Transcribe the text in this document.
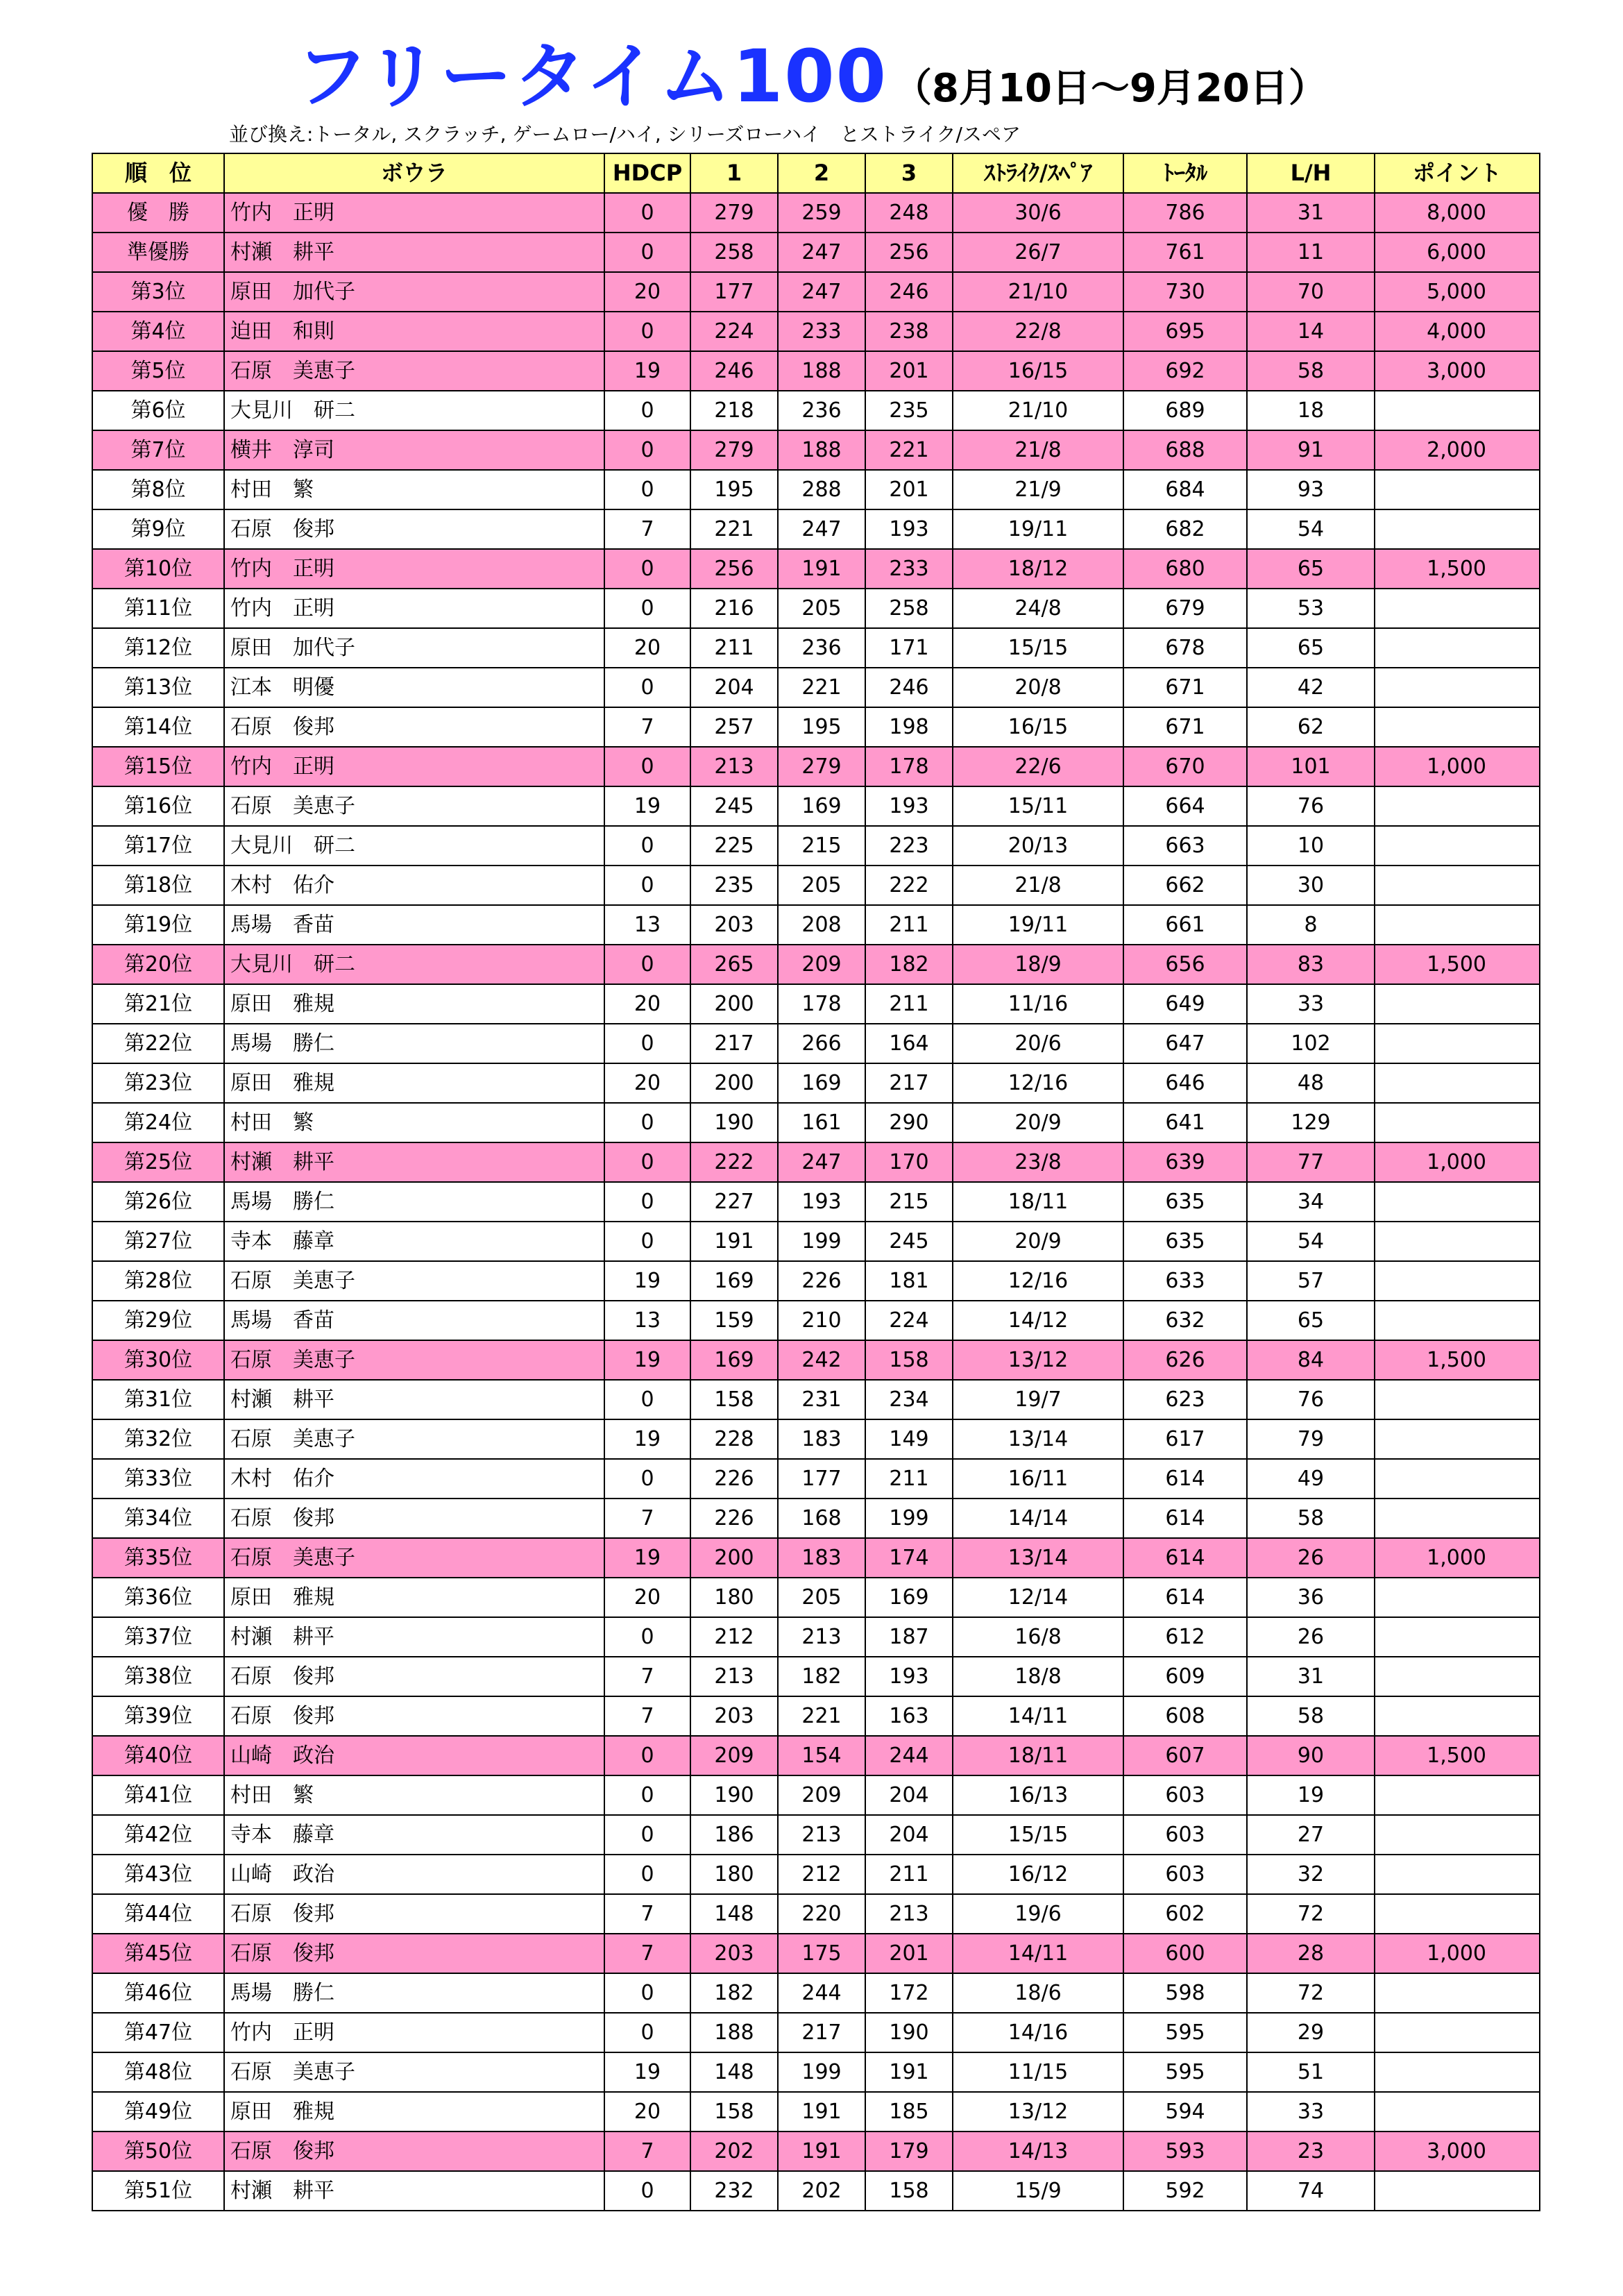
フリータイム100 （8月10日～9月20日）
並び換え:トータル, スクラッチ, ゲームロー/ハイ, シリーズローハイ　とストライク/スペア
順　位	ボウラ	HDCP	1	2	3	ｽﾄﾗｲｸ/ｽﾍﾟｱ	ﾄｰﾀﾙ	L/H	ポイント
優　勝	竹内　正明	0	279	259	248	30/6	786	31	8,000
準優勝	村瀬　耕平	0	258	247	256	26/7	761	11	6,000
第3位	原田　加代子	20	177	247	246	21/10	730	70	5,000
第4位	迫田　和則	0	224	233	238	22/8	695	14	4,000
第5位	石原　美恵子	19	246	188	201	16/15	692	58	3,000
第6位	大見川　研二	0	218	236	235	21/10	689	18	
第7位	横井　淳司	0	279	188	221	21/8	688	91	2,000
第8位	村田　繁	0	195	288	201	21/9	684	93	
第9位	石原　俊邦	7	221	247	193	19/11	682	54	
第10位	竹内　正明	0	256	191	233	18/12	680	65	1,500
第11位	竹内　正明	0	216	205	258	24/8	679	53	
第12位	原田　加代子	20	211	236	171	15/15	678	65	
第13位	江本　明優	0	204	221	246	20/8	671	42	
第14位	石原　俊邦	7	257	195	198	16/15	671	62	
第15位	竹内　正明	0	213	279	178	22/6	670	101	1,000
第16位	石原　美恵子	19	245	169	193	15/11	664	76	
第17位	大見川　研二	0	225	215	223	20/13	663	10	
第18位	木村　佑介	0	235	205	222	21/8	662	30	
第19位	馬場　香苗	13	203	208	211	19/11	661	8	
第20位	大見川　研二	0	265	209	182	18/9	656	83	1,500
第21位	原田　雅規	20	200	178	211	11/16	649	33	
第22位	馬場　勝仁	0	217	266	164	20/6	647	102	
第23位	原田　雅規	20	200	169	217	12/16	646	48	
第24位	村田　繁	0	190	161	290	20/9	641	129	
第25位	村瀬　耕平	0	222	247	170	23/8	639	77	1,000
第26位	馬場　勝仁	0	227	193	215	18/11	635	34	
第27位	寺本　藤章	0	191	199	245	20/9	635	54	
第28位	石原　美恵子	19	169	226	181	12/16	633	57	
第29位	馬場　香苗	13	159	210	224	14/12	632	65	
第30位	石原　美恵子	19	169	242	158	13/12	626	84	1,500
第31位	村瀬　耕平	0	158	231	234	19/7	623	76	
第32位	石原　美恵子	19	228	183	149	13/14	617	79	
第33位	木村　佑介	0	226	177	211	16/11	614	49	
第34位	石原　俊邦	7	226	168	199	14/14	614	58	
第35位	石原　美恵子	19	200	183	174	13/14	614	26	1,000
第36位	原田　雅規	20	180	205	169	12/14	614	36	
第37位	村瀬　耕平	0	212	213	187	16/8	612	26	
第38位	石原　俊邦	7	213	182	193	18/8	609	31	
第39位	石原　俊邦	7	203	221	163	14/11	608	58	
第40位	山崎　政治	0	209	154	244	18/11	607	90	1,500
第41位	村田　繁	0	190	209	204	16/13	603	19	
第42位	寺本　藤章	0	186	213	204	15/15	603	27	
第43位	山崎　政治	0	180	212	211	16/12	603	32	
第44位	石原　俊邦	7	148	220	213	19/6	602	72	
第45位	石原　俊邦	7	203	175	201	14/11	600	28	1,000
第46位	馬場　勝仁	0	182	244	172	18/6	598	72	
第47位	竹内　正明	0	188	217	190	14/16	595	29	
第48位	石原　美恵子	19	148	199	191	11/15	595	51	
第49位	原田　雅規	20	158	191	185	13/12	594	33	
第50位	石原　俊邦	7	202	191	179	14/13	593	23	3,000
第51位	村瀬　耕平	0	232	202	158	15/9	592	74	
